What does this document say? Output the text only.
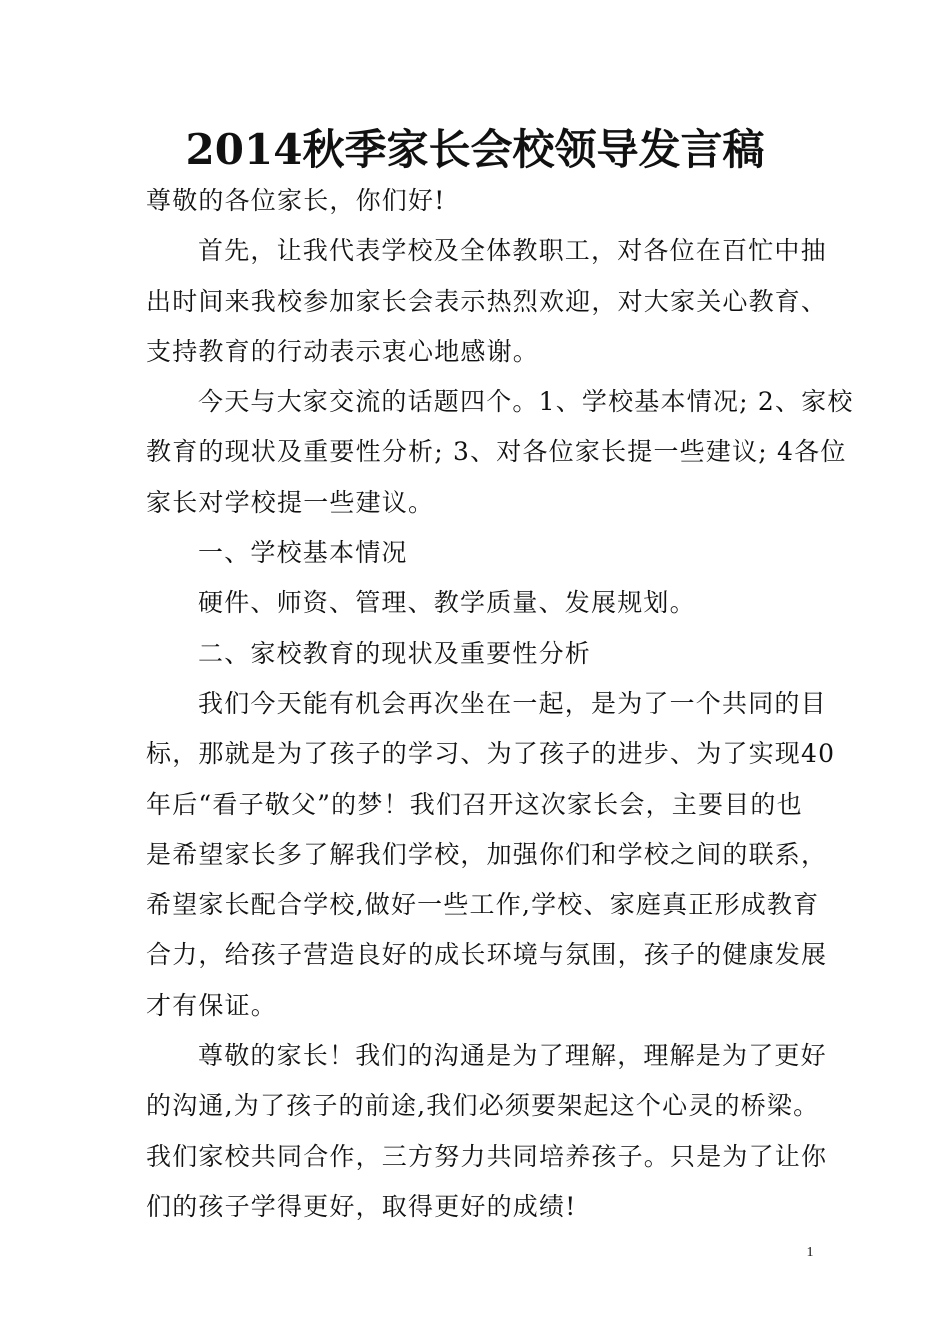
2014秋季家长会校领导发言稿
尊敬的各位家长，你们好!
首先，让我代表学校及全体教职工，对各位在百忙中抽
出时间来我校参加家长会表示热烈欢迎，对大家关心教育、
支持教育的行动表示衷心地感谢。
今天与大家交流的话题四个。1、学校基本情况; 2、家校
教育的现状及重要性分析; 3、对各位家长提一些建议; 4各位
家长对学校提一些建议。
一、学校基本情况
硬件、师资、管理、教学质量、发展规划。
二、家校教育的现状及重要性分析
我们今天能有机会再次坐在一起，是为了一个共同的目
标，那就是为了孩子的学习、为了孩子的进步、为了实现40
年后“看子敬父”的梦！我们召开这次家长会，主要目的也
是希望家长多了解我们学校，加强你们和学校之间的联系，
希望家长配合学校,做好一些工作,学校、家庭真正形成教育
合力，给孩子营造良好的成长环境与氛围，孩子的健康发展
才有保证。
尊敬的家长！我们的沟通是为了理解，理解是为了更好
的沟通,为了孩子的前途,我们必须要架起这个心灵的桥梁。
我们家校共同合作，三方努力共同培养孩子。只是为了让你
们的孩子学得更好，取得更好的成绩!
1
